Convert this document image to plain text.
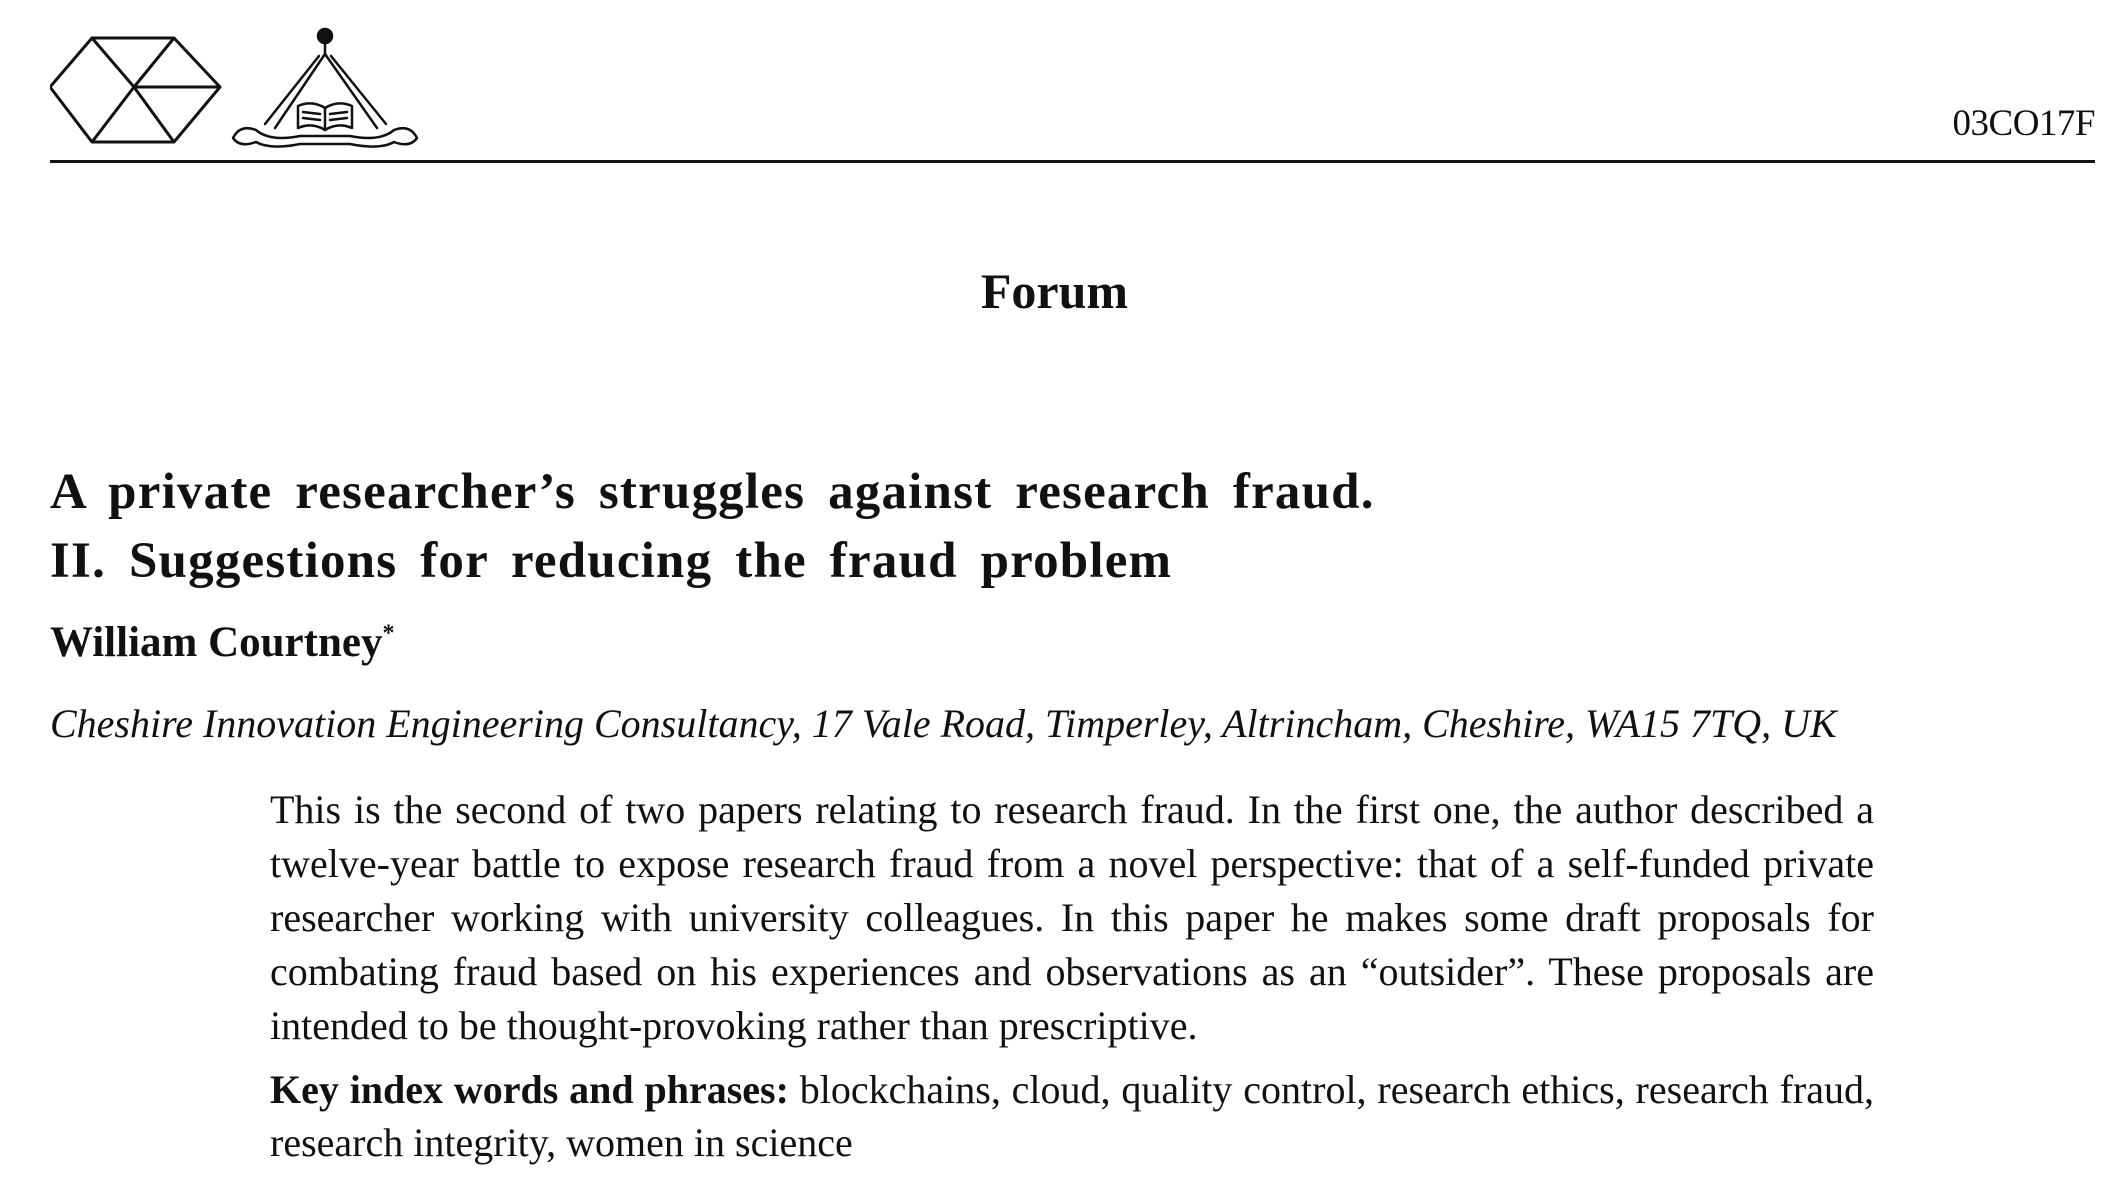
03CO17F
Forum
A private researcher’s struggles against research fraud.
II. Suggestions for reducing the fraud problem
William Courtney*
Cheshire Innovation Engineering Consultancy, 17 Vale Road, Timperley, Altrincham, Cheshire, WA15 7TQ, UK

This is the second of two papers relating to research fraud. In the first one, the author described a twelve-year battle to expose research fraud from a novel perspective: that of a self-funded private researcher working with university colleagues. In this paper he makes some draft proposals for combating fraud based on his experiences and observations as an “outsider”. These proposals are intended to be thought-provoking rather than prescriptive.

Key index words and phrases: blockchains, cloud, quality control, research ethics, research fraud, research integrity, women in science
